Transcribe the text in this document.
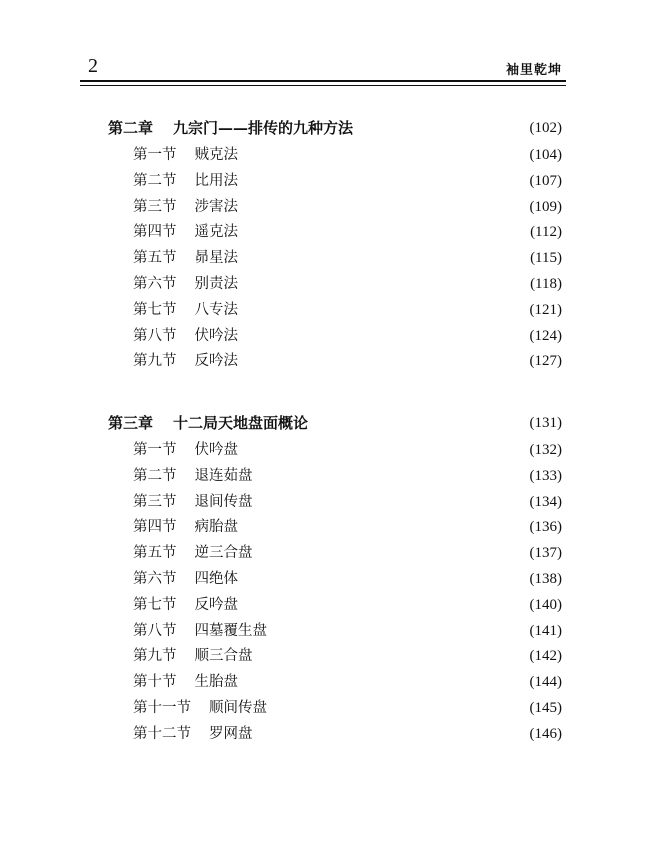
2	袖里乾坤
第二章 九宗门——排传的九种方法	(102)
第一节 贼克法	(104)
第二节 比用法	(107)
第三节 涉害法	(109)
第四节 遥克法	(112)
第五节 昴星法	(115)
第六节 别责法	(118)
第七节 八专法	(121)
第八节 伏吟法	(124)
第九节 反吟法	(127)
第三章 十二局天地盘面概论	(131)
第一节 伏吟盘	(132)
第二节 退连茹盘	(133)
第三节 退间传盘	(134)
第四节 病胎盘	(136)
第五节 逆三合盘	(137)
第六节 四绝体	(138)
第七节 反吟盘	(140)
第八节 四墓覆生盘	(141)
第九节 顺三合盘	(142)
第十节 生胎盘	(144)
第十一节 顺间传盘	(145)
第十二节 罗网盘	(146)
